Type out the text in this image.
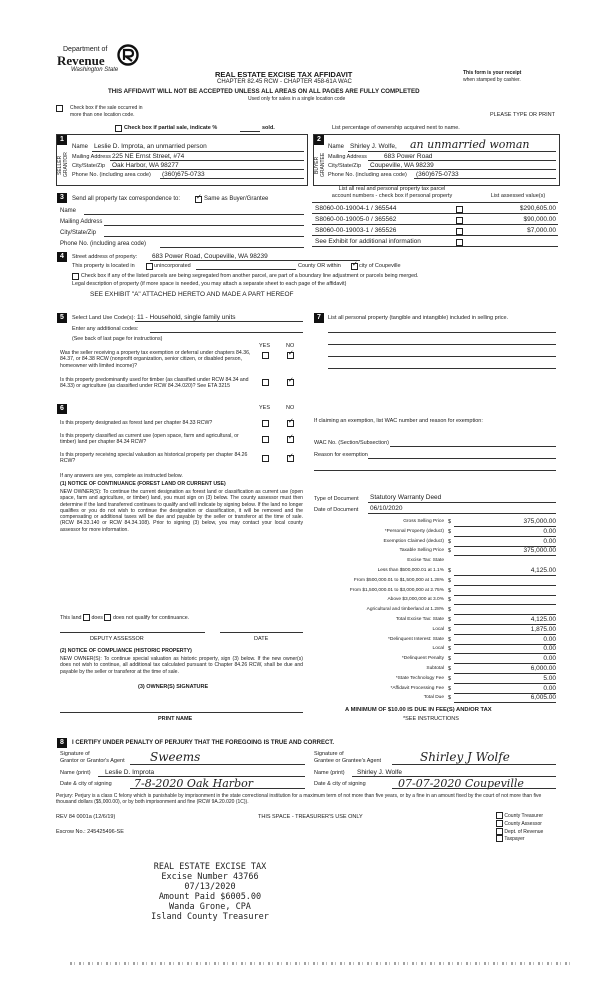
Department of
Revenue
Washington State	REAL ESTATE EXCISE TAX AFFIDAVIT
CHAPTER 82.45 RCW - CHAPTER 458-61A WAC
THIS AFFIDAVIT WILL NOT BE ACCEPTED UNLESS ALL AREAS ON ALL PAGES ARE FULLY COMPLETED
Used only for sales in a single location code
This form is your receipt
when stamped by cashier.
Check box if the sale occurred in
more than one location code.	PLEASE TYPE OR PRINT
Check box if partial sale, indicate %	sold.	List percentage of ownership acquired next to name.
1
SELLER GRANTOR
2
BUYER GRANTEE
Name Leslie D. Improta, an unmarried person
Mailing Address 225 NE Ernst Street, #74
City/State/Zip Oak Harbor, WA 98277
Phone No. (including area code) (360)675-0733
Name Shirley J. Wolfe, an unmarried woman
Mailing Address	683 Power Road
City/State/Zip Coupeville, WA 98239
Phone No. (including area code) (360)675-0733
3	Send all property tax correspondence to: ✓	Same as Buyer/Grantee
Name
Mailing Address
City/State/Zip
Phone No. (including area code)
List all real and personal property tax parcel
account numbers - check box if personal property	List assessed value(s)
S8060-00-19004-1 / 365544	$290,605.00
S8060-00-19005-0 / 365562	$90,000.00
S8060-00-19003-1 / 365526	$7,000.00
See Exhibit for additional information
4	Street address of property: 683 Power Road, Coupeville, WA 98239
This property is located in	unincorporated	County OR within ✓	city of Coupeville
Check box if any of the listed parcels are being segregated from another parcel, are part of a boundary line adjustment or parcels being merged.
Legal description of property (if more space is needed, you may attach a separate sheet to each page of the affidavit)
SEE EXHIBIT "A" ATTACHED HERETO AND MADE A PART HEREOF
5	Select Land Use Code(s): 11 - Household, single family units
Enter any additional codes:
(See back of last page for instructions)
YES	NO
Was the seller receiving a property tax exemption or deferral under chapters 84.36, 84.37, or 84.38 RCW (nonprofit organization, senior citizen, or disabled person, homeowner with limited income)?
✓
Is this property predominantly used for timber (as classified under RCW 84.34 and 84.33) or agriculture (as classified under RCW 84.34.020)? See ETA 3215
✓
7	List all personal property (tangible and intangible) included in selling price.
6	YES	NO
Is this property designated as forest land per chapter 84.33 RCW?
✓
Is this property classified as current use (open space, farm and agricultural, or timber) land per chapter 84.34 RCW?
✓
Is this property receiving special valuation as historical property per chapter 84.26 RCW?
✓
If any answers are yes, complete as instructed below.
(1) NOTICE OF CONTINUANCE (FOREST LAND OR CURRENT USE)
NEW OWNER(S): To continue the current designation as forest land or classification as current use (open space, farm and agriculture, or timber) land, you must sign on (3) below. The county assessor must then determine if the land transferred continues to qualify and will indicate by signing below. If the land no longer qualifies or you do not wish to continue the designation or classification, it will be removed and the compensating or additional taxes will be due and payable by the seller or transferor at the time of sale. (RCW 84.33.140 or RCW 84.34.108). Prior to signing (3) below, you may contact your local county assessor for more information.
This land does does not qualify for continuance.
DEPUTY ASSESSOR	DATE
(2) NOTICE OF COMPLIANCE (HISTORIC PROPERTY)
NEW OWNER(S): To continue special valuation as historic property, sign (3) below. If the new owner(s) does not wish to continue, all additional tax calculated pursuant to Chapter 84.26 RCW, shall be due and payable by the seller or transferor at the time of sale.
(3) OWNER(S) SIGNATURE
PRINT NAME
If claiming an exemption, list WAC number and reason for exemption:
WAC No. (Section/Subsection)
Reason for exemption
Type of Document Statutory Warranty Deed
Date of Document 06/10/2020
Gross Selling Price $	375,000.00
*Personal Property (deduct) $	0.00
Exemption Claimed (deduct) $	0.00
Taxable Selling Price $	375,000.00
Excise Tax: State
Less than $500,000.01 at 1.1% $	4,125.00
From $500,000.01 to $1,500,000 at 1.28% $
From $1,500,000.01 to $3,000,000 at 2.75% $
Above $3,000,000 at 3.0% $
Agricultural and timberland at 1.28% $
Total Excise Tax: State $	4,125.00
Local $	1,875.00
*Delinquent Interest: State $	0.00
Local $	0.00
*Delinquent Penalty $	0.00
Subtotal $	6,000.00
*State Technology Fee $	5.00
*Affidavit Processing Fee $	0.00
Total Due $	6,005.00
A MINIMUM OF $10.00 IS DUE IN FEE(S) AND/OR TAX
*SEE INSTRUCTIONS
8	I CERTIFY UNDER PENALTY OF PERJURY THAT THE FOREGOING IS TRUE AND CORRECT.
Signature of
Grantor or Grantor's Agent Sweems
Name (print) Leslie D. Improta
Date & city of signing 7-8-2020 Oak Harbor
Signature of
Grantee or Grantee's Agent	Shirley J Wolfe
Name (print) Shirley J. Wolfe
Date & city of signing	07-07-2020 Coupeville
Perjury: Perjury is a class C felony which is punishable by imprisonment in the state correctional institution for a maximum term of not more than five years, or by a fine in an amount fixed by the court of not more than five thousand dollars ($5,000.00), or by both imprisonment and fine (RCW 9A.20.020 (1C)).
REV 84 0001a (12/6/19)	THIS SPACE - TREASURER'S USE ONLY
Escrow No.: 245425496-SE
County Treasurer
County Assessor
Dept. of Revenue
Taxpayer
REAL ESTATE EXCISE TAX
Excise Number 43766
07/13/2020
Amount Paid $6005.00
Wanda Grone, CPA
Island County Treasurer
